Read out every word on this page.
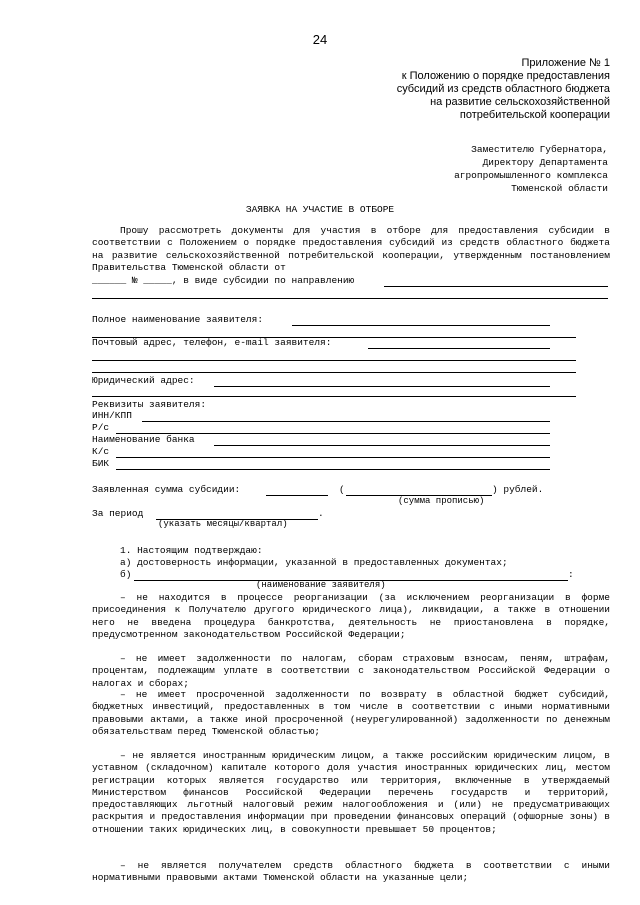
24
Приложение № 1
к Положению о порядке предоставления
субсидий из средств областного бюджета
на развитие сельскохозяйственной
потребительской кооперации
Заместителю Губернатора,
Директору Департамента
агропромышленного комплекса
Тюменской области
ЗАЯВКА НА УЧАСТИЕ В ОТБОРЕ
Прошу рассмотреть документы для участия в отборе для предоставления субсидии в соответствии с Положением о порядке предоставления субсидий из средств областного бюджета на развитие сельскохозяйственной потребительской кооперации, утвержденным постановлением Правительства Тюменской области от
______ № _____, в виде субсидии по направлению
Полное наименование заявителя:
Почтовый адрес, телефон, e-mail заявителя:
Юридический адрес:
Реквизиты заявителя:
ИНН/КПП
Р/с
Наименование банка
К/с
БИК
Заявленная сумма субсидии:	(	) рублей.
(сумма прописью)
За период	.
(указать месяцы/квартал)
1. Настоящим подтверждаю:
а) достоверность информации, указанной в предоставленных документах;
б)	:
(наименование заявителя)
– не находится в процессе реорганизации (за исключением реорганизации в форме присоединения к Получателю другого юридического лица), ликвидации, а также в отношении него не введена процедура банкротства, деятельность не приостановлена в порядке, предусмотренном законодательством Российской Федерации;
– не имеет задолженности по налогам, сборам страховым взносам, пеням, штрафам, процентам, подлежащим уплате в соответствии с законодательством Российской Федерации о налогах и сборах;
– не имеет просроченной задолженности по возврату в областной бюджет субсидий, бюджетных инвестиций, предоставленных в том числе в соответствии с иными нормативными правовыми актами, а также иной просроченной (неурегулированной) задолженности по денежным обязательствам перед Тюменской областью;
– не является иностранным юридическим лицом, а также российским юридическим лицом, в уставном (складочном) капитале которого доля участия иностранных юридических лиц, местом регистрации которых является государство или территория, включенные в утверждаемый Министерством финансов Российской Федерации перечень государств и территорий, предоставляющих льготный налоговый режим налогообложения и (или) не предусматривающих раскрытия и предоставления информации при проведении финансовых операций (офшорные зоны) в отношении таких юридических лиц, в совокупности превышает 50 процентов;
– не является получателем средств областного бюджета в соответствии с иными нормативными правовыми актами Тюменской области на указанные цели;
